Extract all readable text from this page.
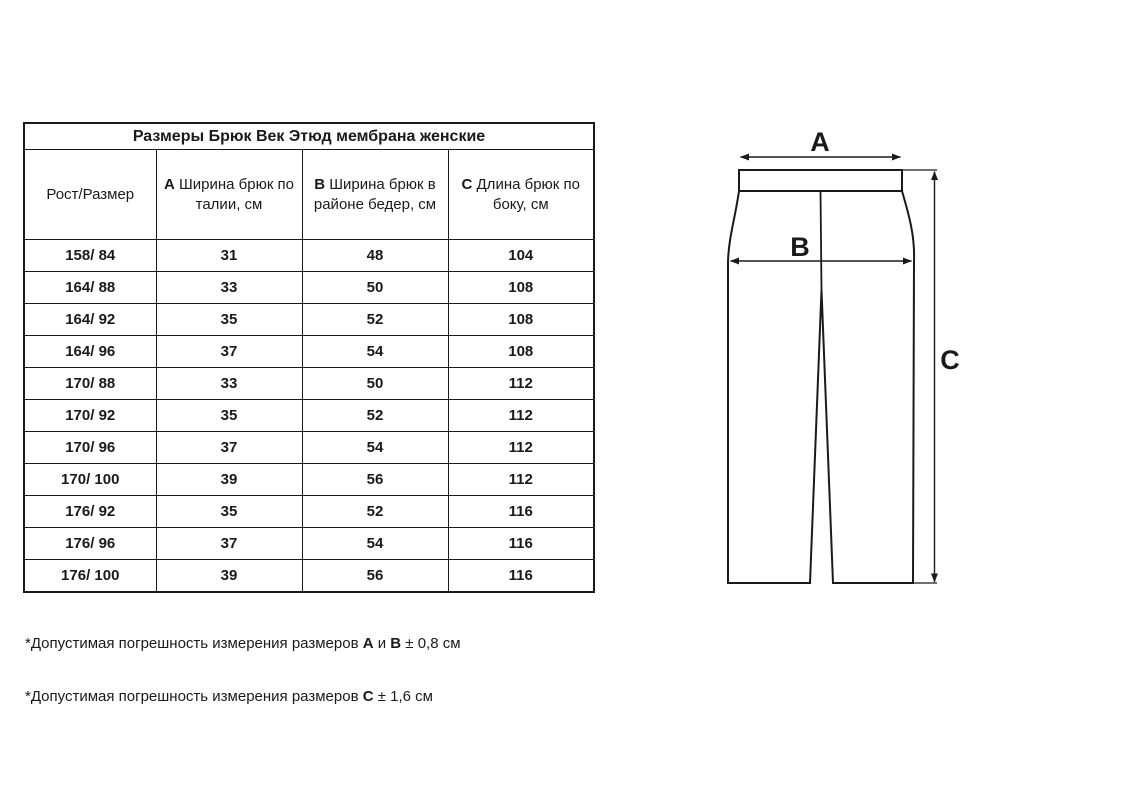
Размеры Брюк Век Этюд мембрана женские			
Рост/Размер	А Ширина брюк по талии, см	В Ширина брюк в районе бедер, см	С Длина брюк по боку, см
158/ 84	31	48	104
164/ 88	33	50	108
164/ 92	35	52	108
164/ 96	37	54	108
170/ 88	33	50	112
170/ 92	35	52	112
170/ 96	37	54	112
170/ 100	39	56	112
176/ 92	35	52	116
176/ 96	37	54	116
176/ 100	39	56	116
*Допустимая погрешность измерения размеров А и В ± 0,8 см
*Допустимая погрешность измерения размеров С ± 1,6 см
A
B
C
